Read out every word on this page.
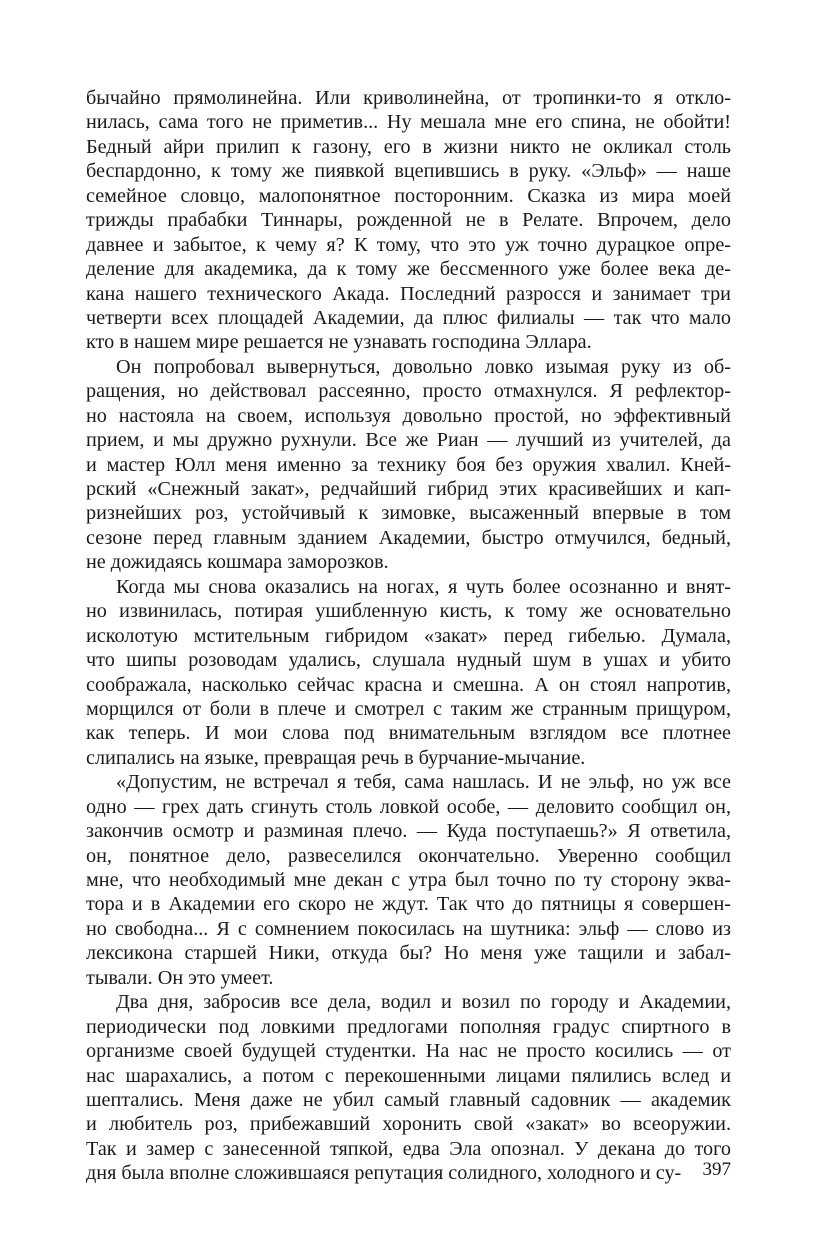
бычайно прямолинейна. Или криволинейна, от тропинки-то я откло-
нилась, сама того не приметив... Ну мешала мне его спина, не обойти!
Бедный айри прилип к газону, его в жизни никто не окликал столь
беспардонно, к тому же пиявкой вцепившись в руку. «Эльф» — наше
семейное словцо, малопонятное посторонним. Сказка из мира моей
трижды прабабки Тиннары, рожденной не в Релате. Впрочем, дело
давнее и забытое, к чему я? К тому, что это уж точно дурацкое опре-
деление для академика, да к тому же бессменного уже более века де-
кана нашего технического Акада. Последний разросся и занимает три
четверти всех площадей Академии, да плюс филиалы — так что мало
кто в нашем мире решается не узнавать господина Эллара.
Он попробовал вывернуться, довольно ловко изымая руку из об-
ращения, но действовал рассеянно, просто отмахнулся. Я рефлектор-
но настояла на своем, используя довольно простой, но эффективный
прием, и мы дружно рухнули. Все же Риан — лучший из учителей, да
и мастер Юлл меня именно за технику боя без оружия хвалил. Кней-
рский «Снежный закат», редчайший гибрид этих красивейших и кап-
ризнейших роз, устойчивый к зимовке, высаженный впервые в том
сезоне перед главным зданием Академии, быстро отмучился, бедный,
не дожидаясь кошмара заморозков.
Когда мы снова оказались на ногах, я чуть более осознанно и внят-
но извинилась, потирая ушибленную кисть, к тому же основательно
исколотую мстительным гибридом «закат» перед гибелью. Думала,
что шипы розоводам удались, слушала нудный шум в ушах и убито
соображала, насколько сейчас красна и смешна. А он стоял напротив,
морщился от боли в плече и смотрел с таким же странным прищуром,
как теперь. И мои слова под внимательным взглядом все плотнее
слипались на языке, превращая речь в бурчание-мычание.
«Допустим, не встречал я тебя, сама нашлась. И не эльф, но уж все
одно — грех дать сгинуть столь ловкой особе, — деловито сообщил он,
закончив осмотр и разминая плечо. — Куда поступаешь?» Я ответила,
он, понятное дело, развеселился окончательно. Уверенно сообщил
мне, что необходимый мне декан с утра был точно по ту сторону эква-
тора и в Академии его скоро не ждут. Так что до пятницы я совершен-
но свободна... Я с сомнением покосилась на шутника: эльф — слово из
лексикона старшей Ники, откуда бы? Но меня уже тащили и забал-
тывали. Он это умеет.
Два дня, забросив все дела, водил и возил по городу и Академии,
периодически под ловкими предлогами пополняя градус спиртного в
организме своей будущей студентки. На нас не просто косились — от
нас шарахались, а потом с перекошенными лицами пялились вслед и
шептались. Меня даже не убил самый главный садовник — академик
и любитель роз, прибежавший хоронить свой «закат» во всеоружии.
Так и замер с занесенной тяпкой, едва Эла опознал. У декана до того
дня была вполне сложившаяся репутация солидного, холодного и су-	397
